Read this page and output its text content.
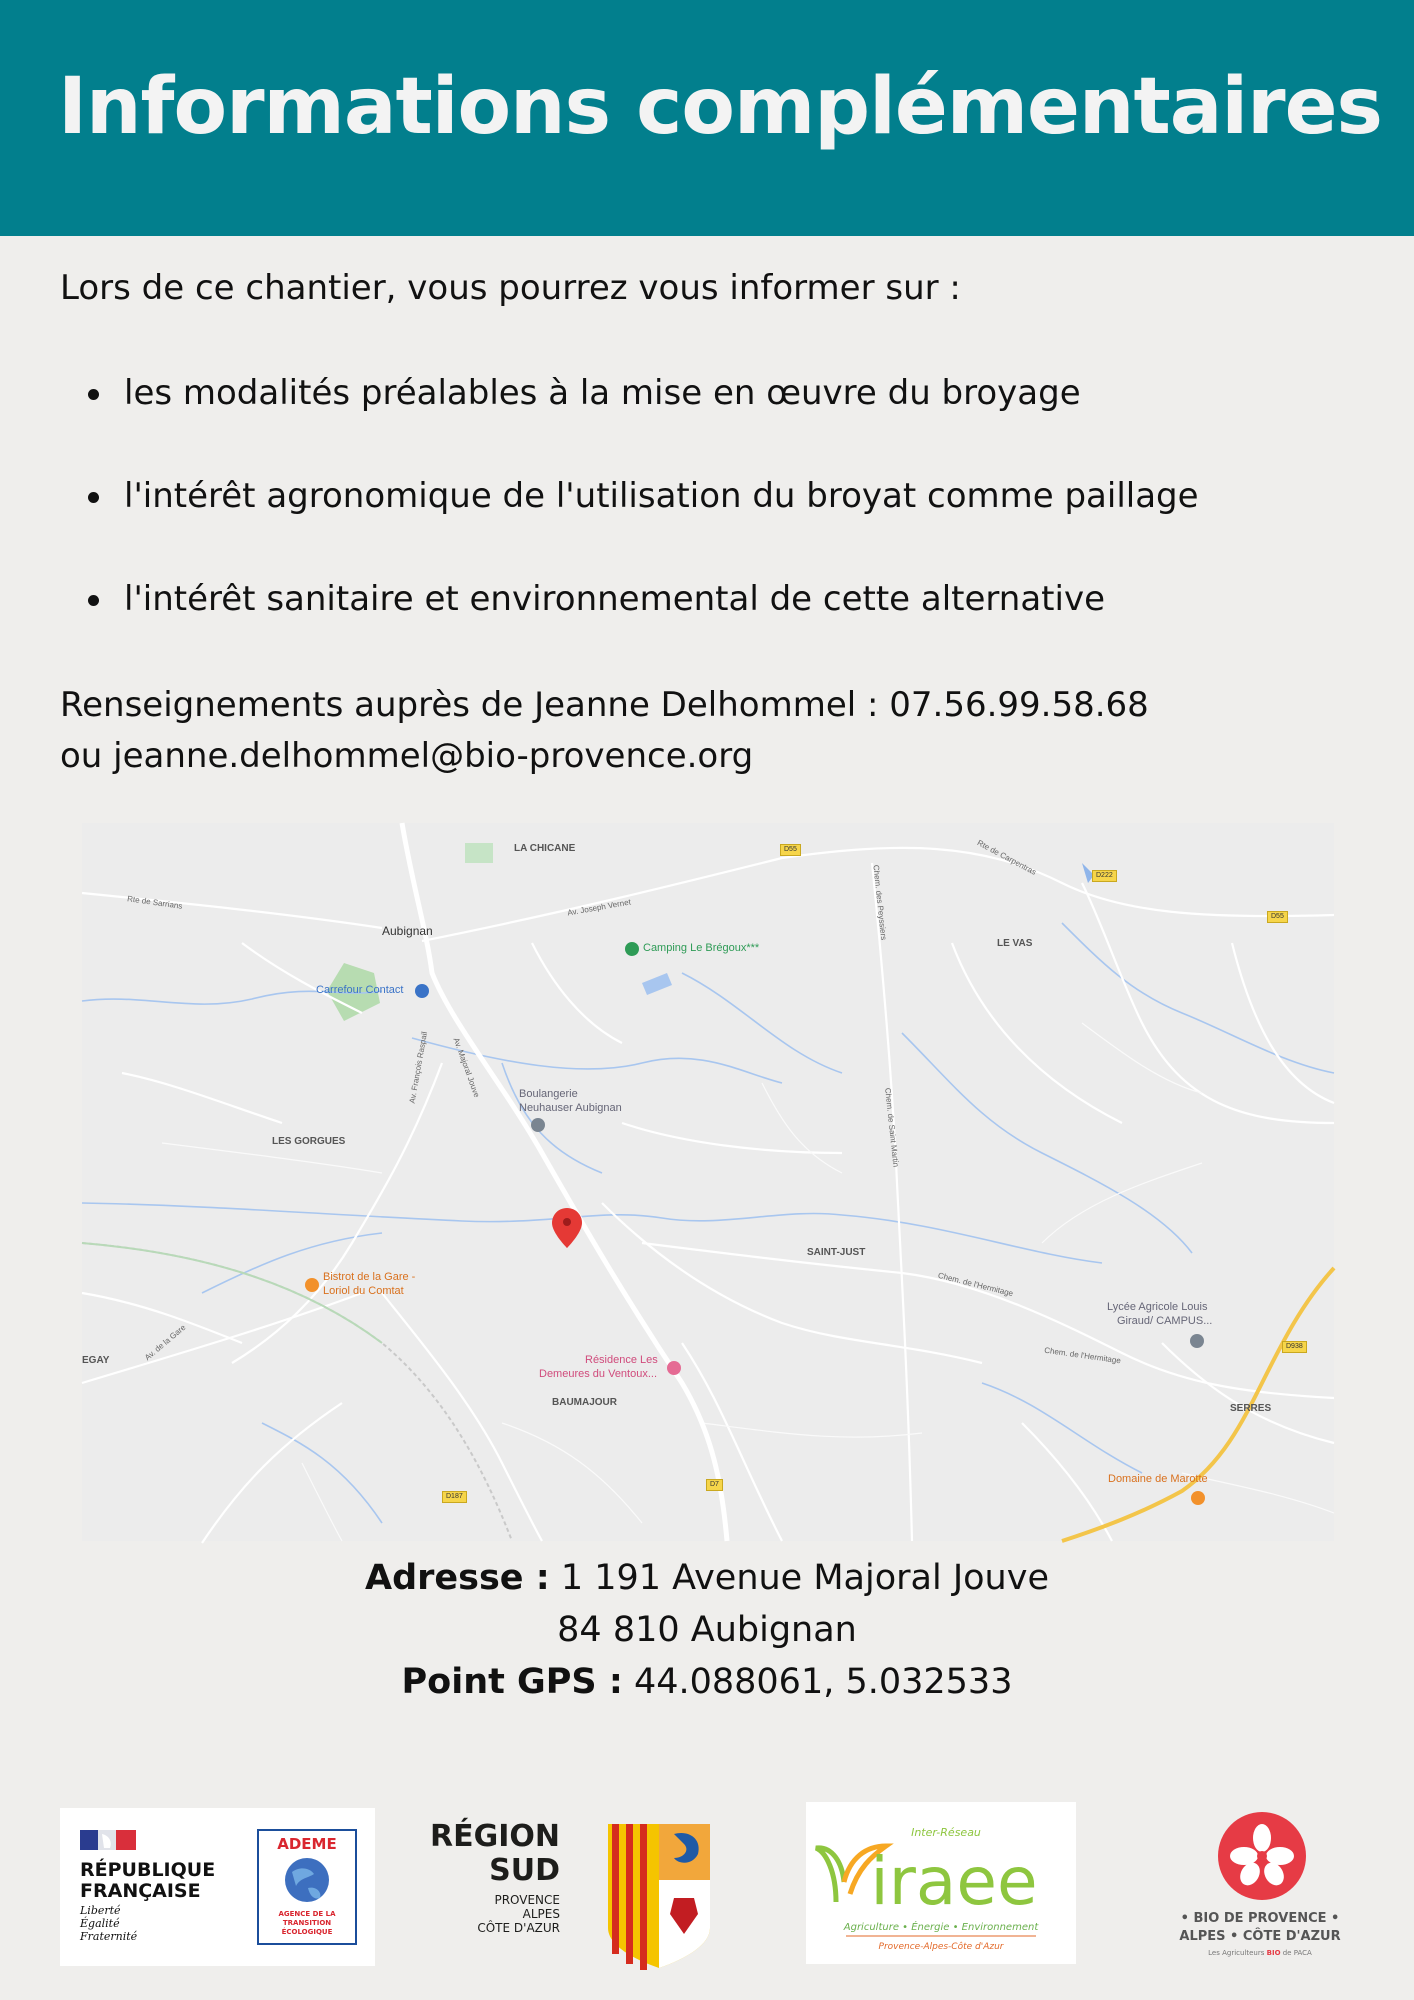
Informations complémentaires

Lors de ce chantier, vous pourrez vous informer sur :

les modalités préalables à la mise en œuvre du broyage
l'intérêt agronomique de l'utilisation du broyat comme paillage
l'intérêt sanitaire et environnemental de cette alternative
Renseignements auprès de Jeanne Delhommel : 07.56.99.58.68
ou jeanne.delhommel@bio-provence.org
LA CHICANE
Aubignan
LE VAS
LES GORGUES
SAINT-JUST
BAUMAJOUR
SERRES
EGAY
Camping Le Brégoux***
Carrefour Contact
Boulangerie
Neuhauser Aubignan
Bistrot de la Gare -
Loriol du Comtat
Résidence Les
Demeures du Ventoux...
Lycée Agricole Louis
Giraud/ CAMPUS...
Domaine de Marotte
Rte de Sarrians	Av. Joseph Vernet	Chem. des Peyssiers
Rte de Carpentras
Av. François Raspail	Av. Majoral Jouve
Chem. de Saint Martin
Chem. de l'Hermitage
Chem. de l'Hermitage
Av. de la Gare
D55
D222
D55
D938
D7
D187
Adresse : 1 191 Avenue Majoral Jouve
84 810 Aubignan
Point GPS : 44.088061, 5.032533
RÉPUBLIQUE
FRANÇAISE
Liberté
Égalité
Fraternité
ADEME
AGENCE DE LA
TRANSITION
ÉCOLOGIQUE
RÉGION
SUD
PROVENCE
ALPES
CÔTE D'AZUR
Inter-Réseau
iraee
Agriculture • Énergie • Environnement
Provence-Alpes-Côte d'Azur
• BIO DE PROVENCE •
ALPES • CÔTE D'AZUR
Les Agriculteurs BIO de PACA
